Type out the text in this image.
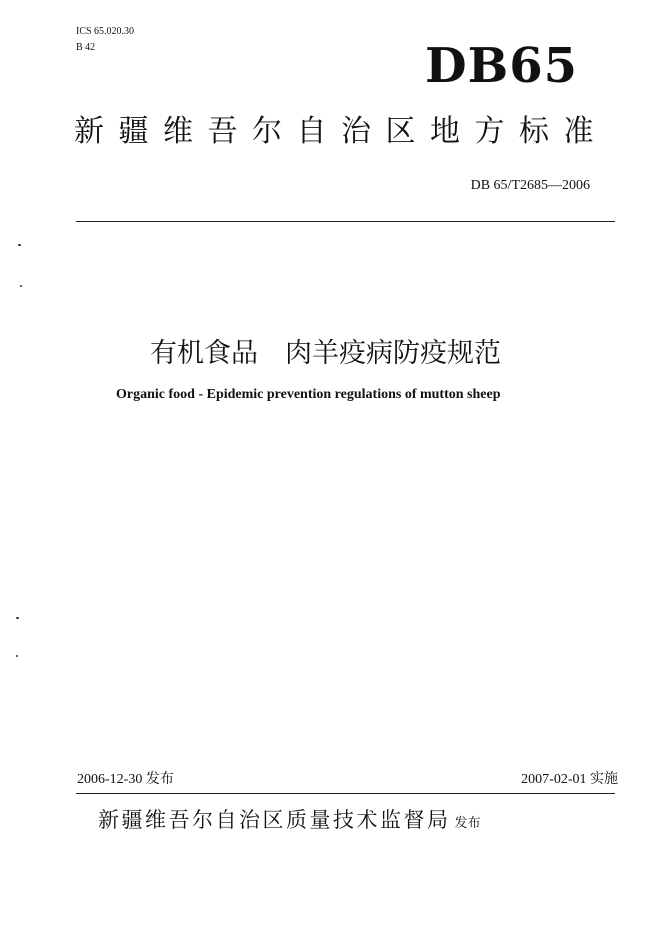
ICS 65.020.30
B 42	DB65
新疆维吾尔自治区地方标准
DB 65/T2685—2006
有机食品　肉羊疫病防疫规范
Organic food - Epidemic prevention regulations of mutton sheep
2006-12-30 发布	2007-02-01 实施
新疆维吾尔自治区质量技术监督局 发布
